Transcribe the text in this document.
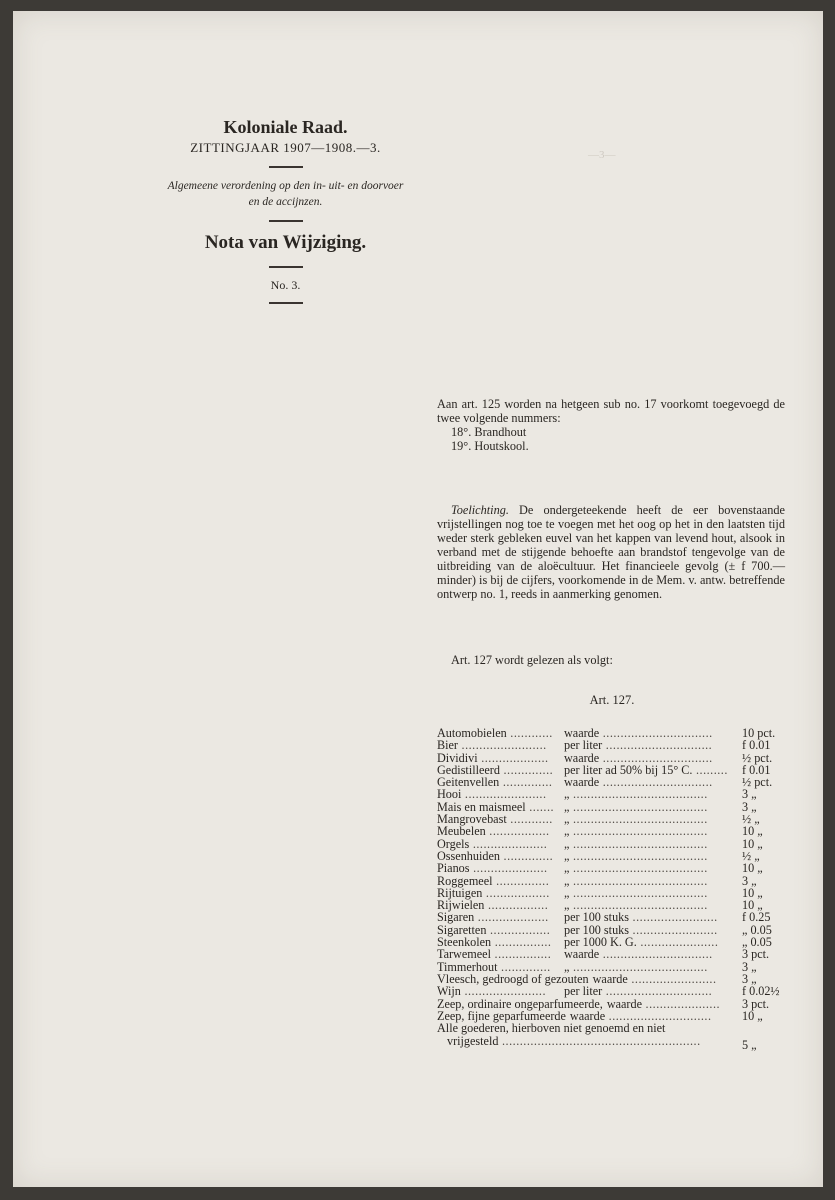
—3—
Koloniale Raad.
ZITTINGJAAR 1907—1908.—3.
Algemeene verordening op den in- uit- en doorvoer en de accijnzen.
Nota van Wijziging.
No. 3.
Aan art. 125 worden na hetgeen sub no. 17 voorkomt toegevoegd de twee volgende nummers:
18°. Brandhout
19°. Houtskool.
Toelichting. De ondergeteekende heeft de eer bovenstaande vrijstellingen nog toe te voegen met het oog op het in den laatsten tijd weder sterk gebleken euvel van het kappen van levend hout, alsook in verband met de stijgende behoefte aan brandstof tengevolge van de uitbreiding van de aloëcultuur. Het financieele gevolg (± f 700.— minder) is bij de cijfers, voorkomende in de Mem. v. antw. betreffende ontwerp no. 1, reeds in aanmerking genomen.
Art. 127 wordt gelezen als volgt:
Art. 127.
Automobielen ............ waarde ............................... 10 pct.
Bier ........................ per liter .............................. f 0.01
Dividivi ................... waarde ............................... ½ pct.
Gedistilleerd .............. per liter ad 50% bij 15° C. ......... f 0.01
Geitenvellen .............. waarde ............................... ½ pct.
Hooi ....................... „ ......................................	3 „
Mais en maismeel ....... „ ......................................	3 „
Mangrovebast ............ „ ......................................	½ „
Meubelen ................. „ ......................................	10 „
Orgels ..................... „ ......................................	10 „
Ossenhuiden .............. „ ......................................	½ „
Pianos ..................... „ ......................................	10 „
Roggemeel ............... „ ......................................	3 „
Rijtuigen .................. „ ......................................	10 „
Rijwielen ................. „ ......................................	10 „
Sigaren .................... per 100 stuks ........................ f 0.25
Sigaretten ................. per 100 stuks ........................ „ 0.05
Steenkolen ................ per 1000 K. G. ...................... „ 0.05
Tarwemeel ................ waarde ............................... 3 pct.
Timmerhout .............. „ ......................................	3 „
Vleesch, gedroogd of gezouten waarde ........................ 3 „
Wijn ....................... per liter .............................. f 0.02½
Zeep, ordinaire ongeparfumeerde, waarde ..................... 3 pct.
Zeep, fijne geparfumeerde waarde ............................. 10 „
Alle goederen, hierboven niet genoemd en niet
vrijgesteld ........................................................	5 „
